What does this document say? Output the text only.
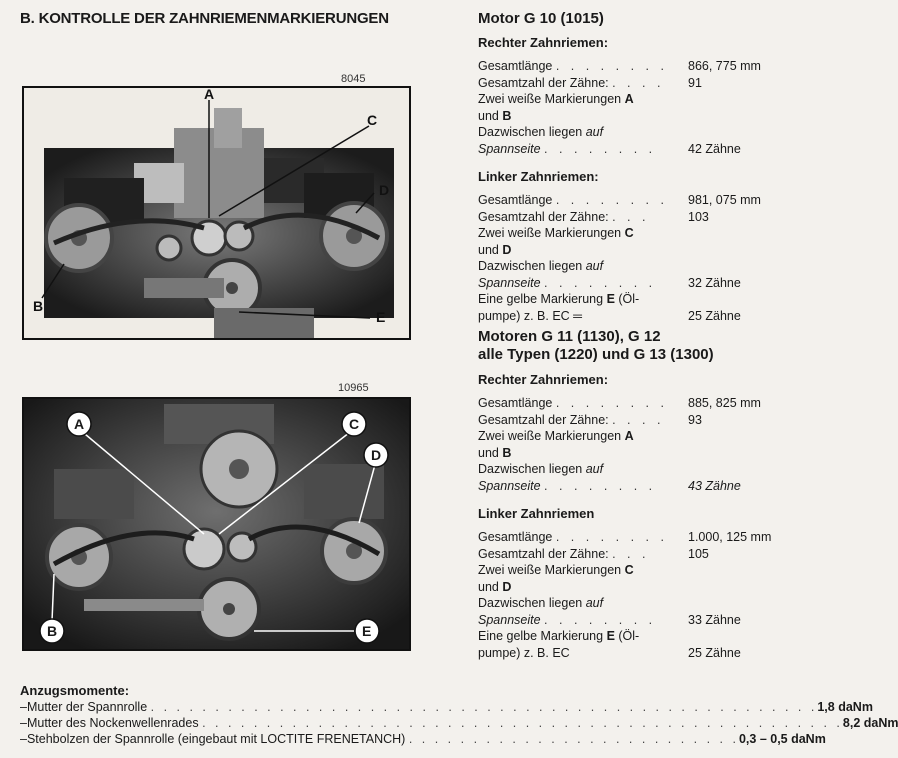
B. KONTROLLE DER ZAHNRIEMENMARKIERUNGEN
8045
A
C
D
B
E
10965
A	C
D
B	E
Motor G 10 (1015)
Rechter Zahnriemen:
Gesamtlänge . . . . . . . .	866, 775 mm
Gesamtzahl der Zähne: . . . .	91
Zwei weiße Markierungen A
und B
Dazwischen liegen auf
Spannseite . . . . . . . .	42 Zähne
Linker Zahnriemen:
Gesamtlänge . . . . . . . .	981, 075 mm
Gesamtzahl der Zähne: . . .	103
Zwei weiße Markierungen C
und D
Dazwischen liegen auf
Spannseite . . . . . . . .	32 Zähne
Eine gelbe Markierung E (Öl-
pumpe) z. B. EC ═	25 Zähne
Motoren G 11 (1130), G 12
alle Typen (1220) und G 13 (1300)
Rechter Zahnriemen:
Gesamtlänge . . . . . . . .	885, 825 mm
Gesamtzahl der Zähne: . . . .	93
Zwei weiße Markierungen A
und B
Dazwischen liegen auf
Spannseite . . . . . . . .	43 Zähne
Linker Zahnriemen
Gesamtlänge . . . . . . . .	1.000, 125 mm
Gesamtzahl der Zähne: . . .	105
Zwei weiße Markierungen C
und D
Dazwischen liegen auf
Spannseite . . . . . . . .	33 Zähne
Eine gelbe Markierung E (Öl-
pumpe) z. B. EC	25 Zähne
Anzugsmomente:
– Mutter der Spannrolle . . . . . . . . . . . . . . . . . . . . . . . . . . . . . . . . . . . . . . . . . . . . . . . . . . . . 1,8 daNm
– Mutter des Nockenwellenrades . . . . . . . . . . . . . . . . . . . . . . . . . . . . . . . . . . . . . . . . . . . . . . . . . . 8,2 daNm
– Stehbolzen der Spannrolle (eingebaut mit LOCTITE FRENETANCH) . . . . . . . . . . . . . . . . . . . . . . . . . . 0,3 – 0,5 daNm
